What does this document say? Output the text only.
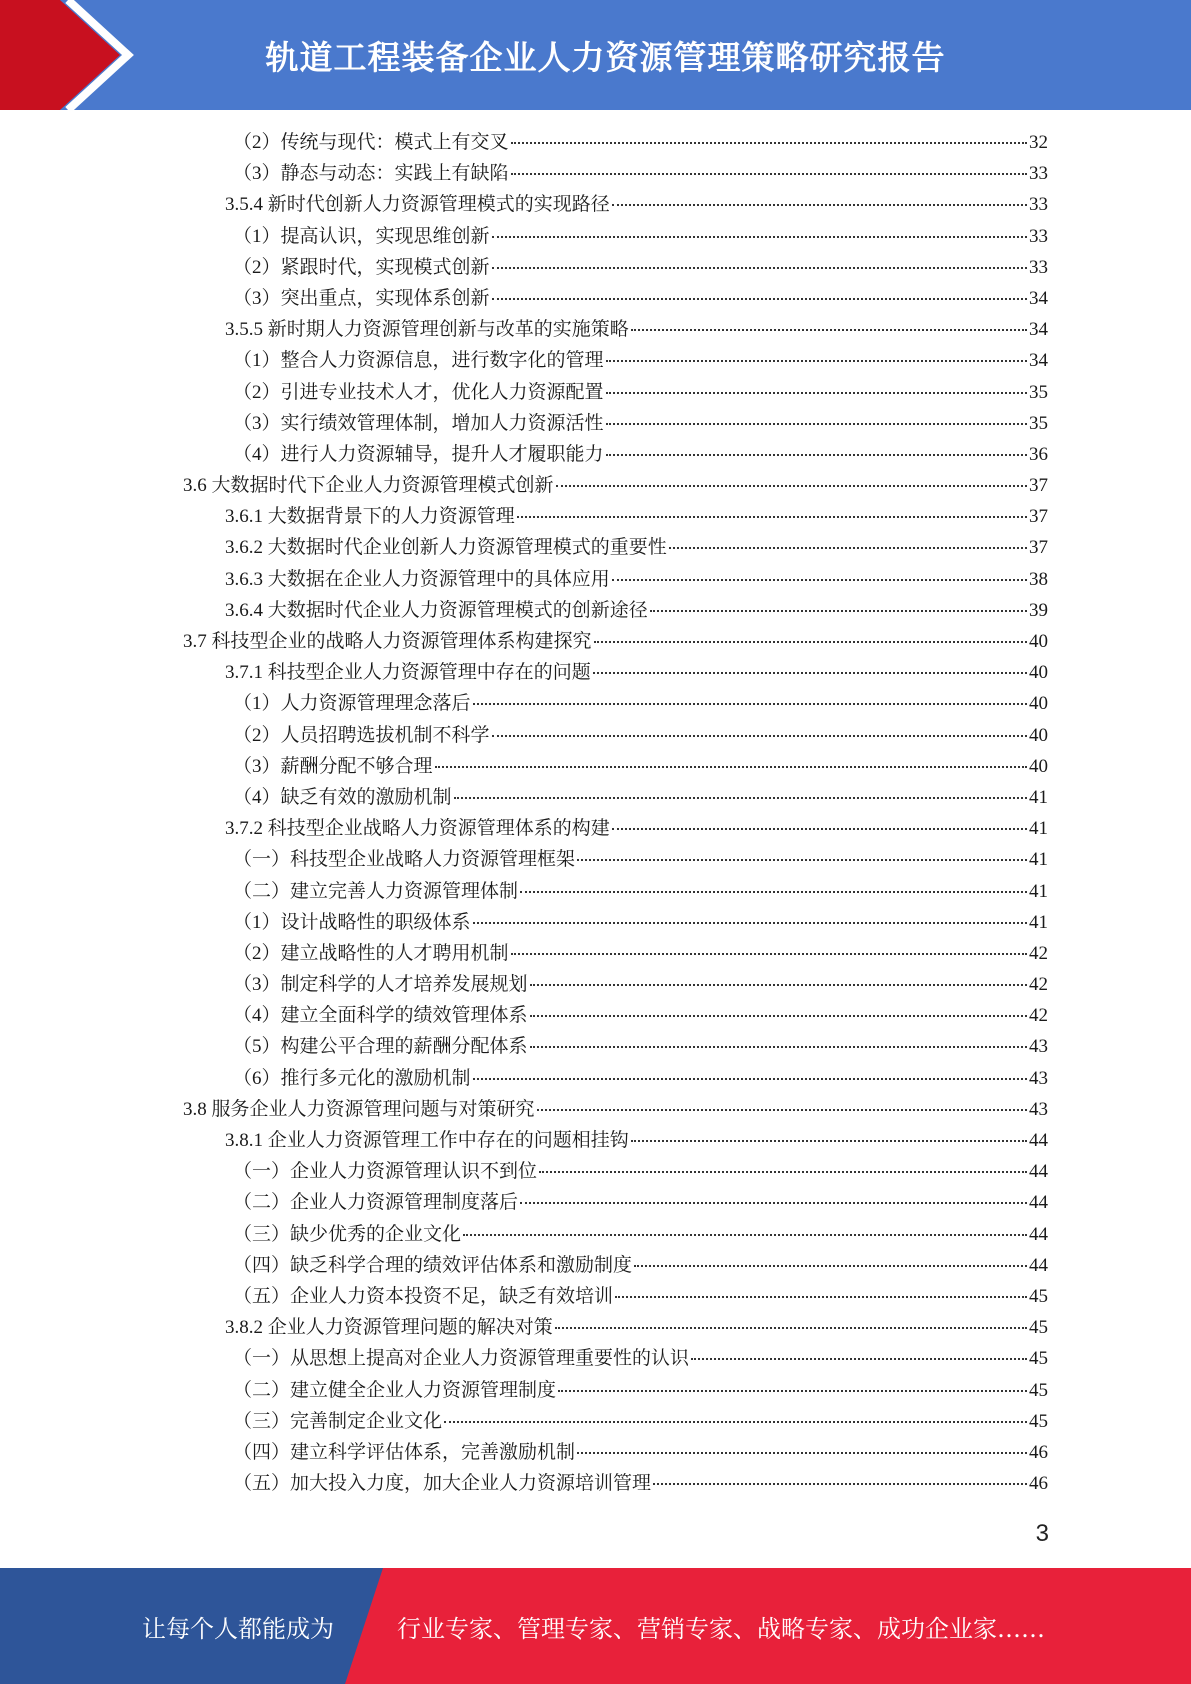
轨道工程装备企业人力资源管理策略研究报告
（2）传统与现代：模式上有交叉	32
（3）静态与动态：实践上有缺陷	33
3.5.4 新时代创新人力资源管理模式的实现路径	33
（1）提高认识，实现思维创新	33
（2）紧跟时代，实现模式创新	33
（3）突出重点，实现体系创新	34
3.5.5 新时期人力资源管理创新与改革的实施策略	34
（1）整合人力资源信息，进行数字化的管理	34
（2）引进专业技术人才，优化人力资源配置	35
（3）实行绩效管理体制，增加人力资源活性	35
（4）进行人力资源辅导，提升人才履职能力	36
3.6 大数据时代下企业人力资源管理模式创新	37
3.6.1 大数据背景下的人力资源管理	37
3.6.2 大数据时代企业创新人力资源管理模式的重要性	37
3.6.3 大数据在企业人力资源管理中的具体应用	38
3.6.4 大数据时代企业人力资源管理模式的创新途径	39
3.7 科技型企业的战略人力资源管理体系构建探究	40
3.7.1 科技型企业人力资源管理中存在的问题	40
（1）人力资源管理理念落后	40
（2）人员招聘选拔机制不科学	40
（3）薪酬分配不够合理	40
（4）缺乏有效的激励机制	41
3.7.2 科技型企业战略人力资源管理体系的构建	41
（一）科技型企业战略人力资源管理框架	41
（二）建立完善人力资源管理体制	41
（1）设计战略性的职级体系	41
（2）建立战略性的人才聘用机制	42
（3）制定科学的人才培养发展规划	42
（4）建立全面科学的绩效管理体系	42
（5）构建公平合理的薪酬分配体系	43
（6）推行多元化的激励机制	43
3.8 服务企业人力资源管理问题与对策研究	43
3.8.1 企业人力资源管理工作中存在的问题相挂钩	44
（一）企业人力资源管理认识不到位	44
（二）企业人力资源管理制度落后	44
（三）缺少优秀的企业文化	44
（四）缺乏科学合理的绩效评估体系和激励制度	44
（五）企业人力资本投资不足，缺乏有效培训	45
3.8.2 企业人力资源管理问题的解决对策	45
（一）从思想上提高对企业人力资源管理重要性的认识	45
（二）建立健全企业人力资源管理制度	45
（三）完善制定企业文化	45
（四）建立科学评估体系，完善激励机制	46
（五）加大投入力度，加大企业人力资源培训管理	46
3
让每个人都能成为	行业专家、管理专家、营销专家、战略专家、成功企业家……
